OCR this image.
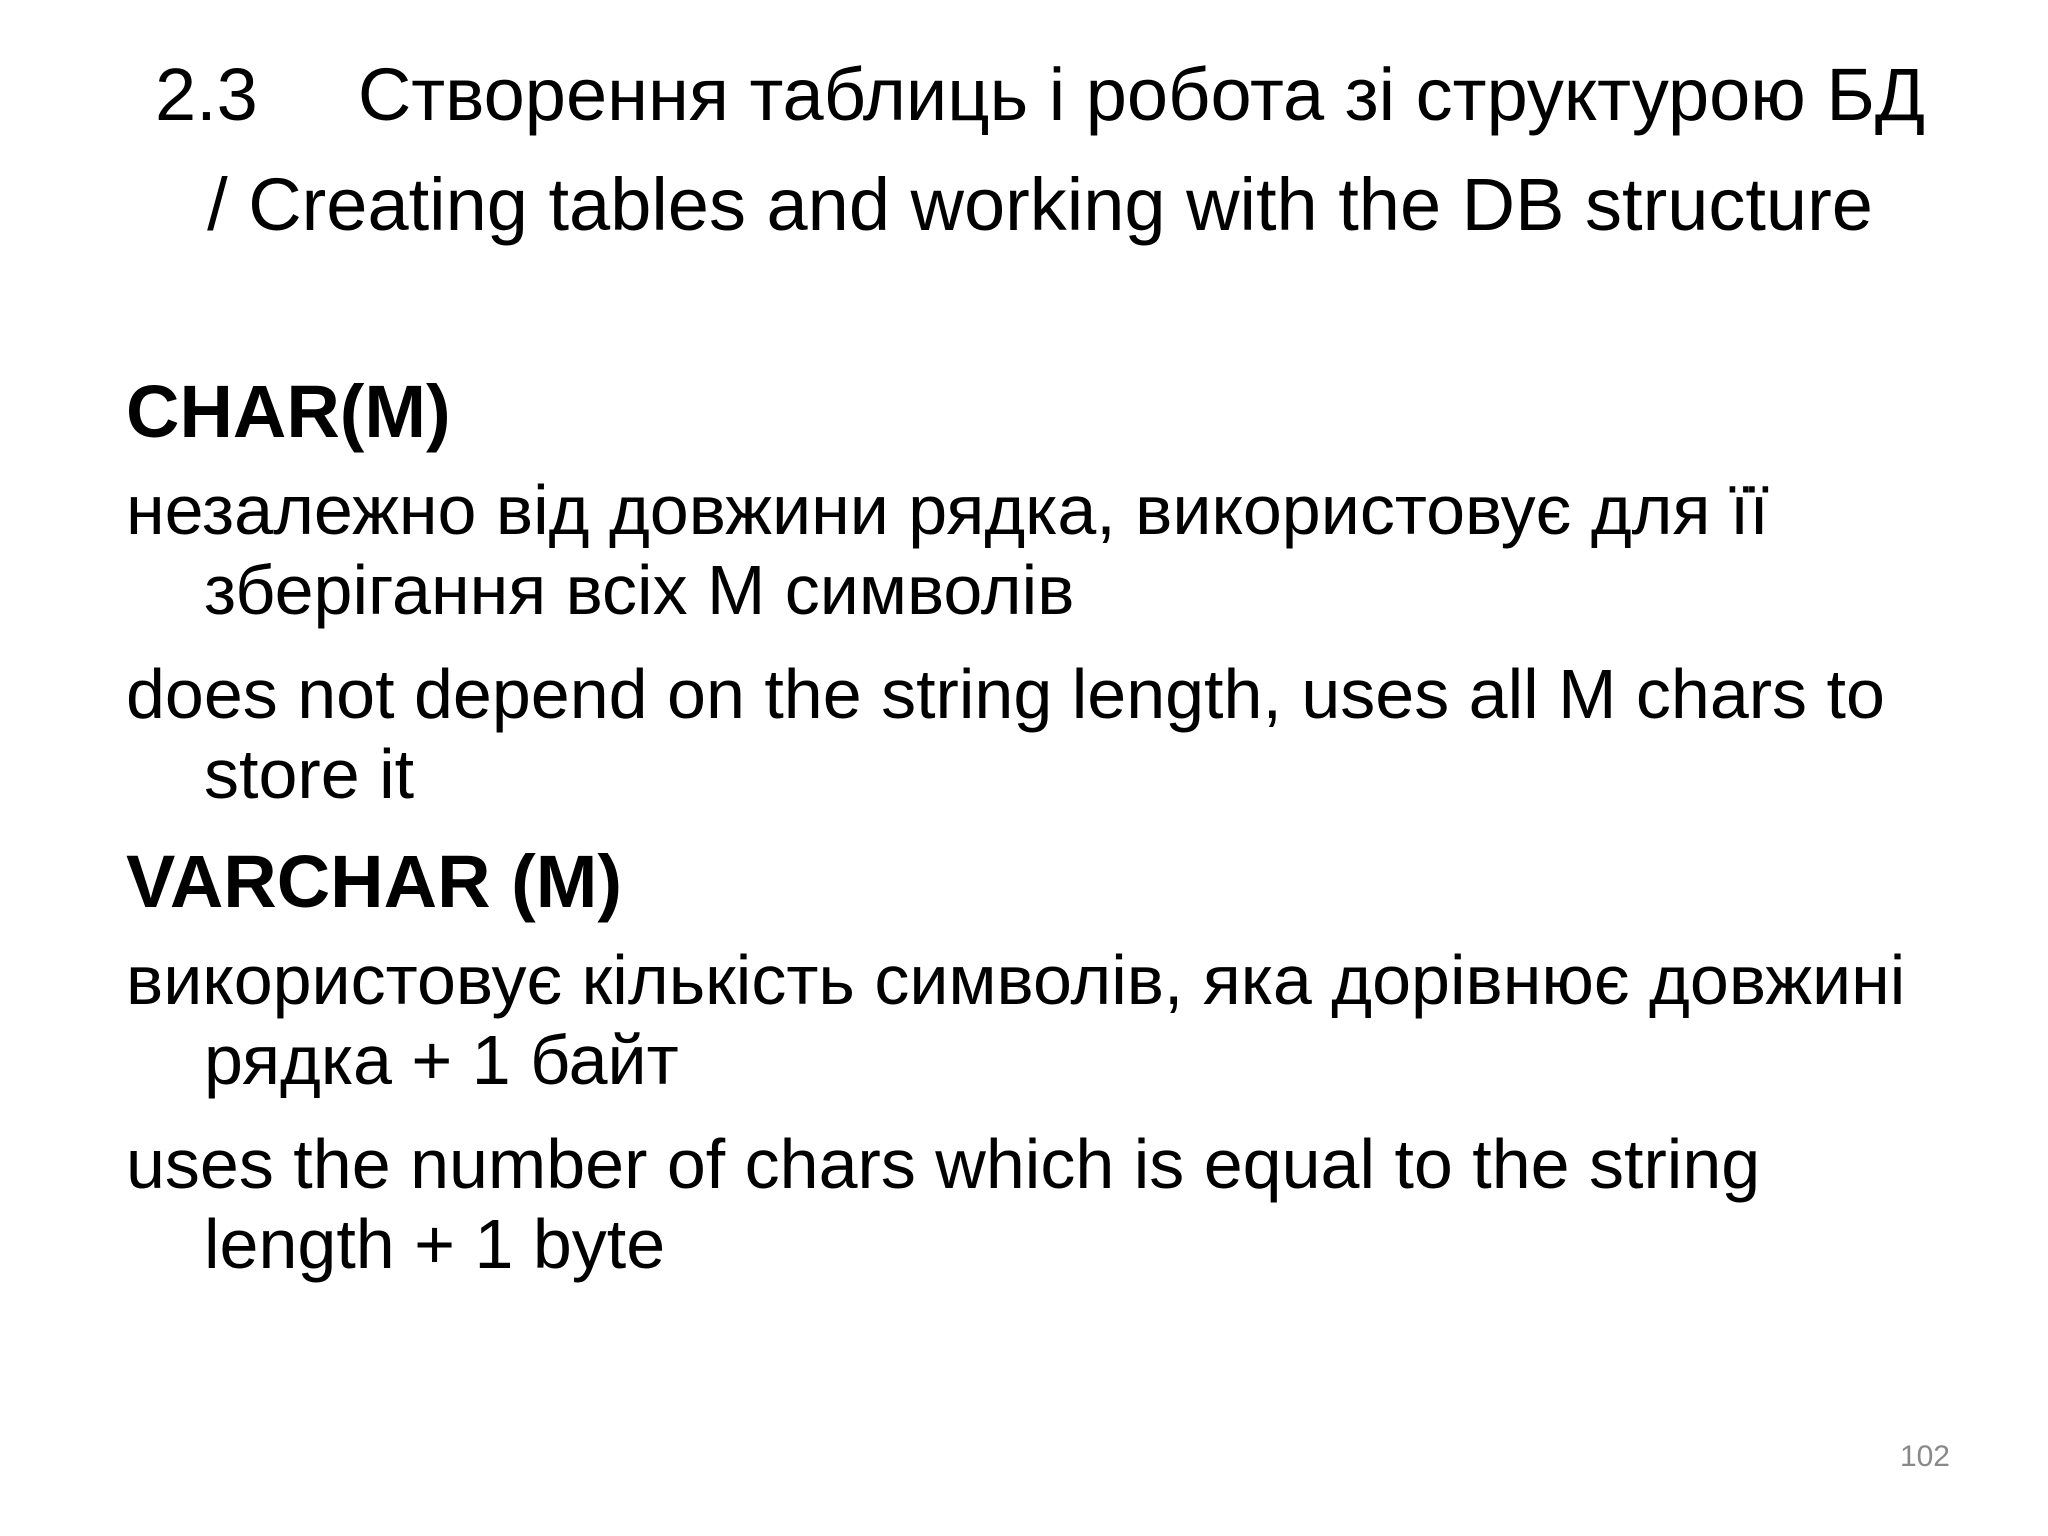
2.3 Створення таблиць і робота зі структурою БД / Creating tables and working with the DB structure

CHAR(M)

незалежно від довжини рядка, використовує для її зберігання всіх M символів

does not depend on the string length, uses all M chars to store it

VARCHAR (M)

використовує кількість символів, яка дорівнює довжині рядка + 1 байт

uses the number of chars which is equal to the string length + 1 byte

102
